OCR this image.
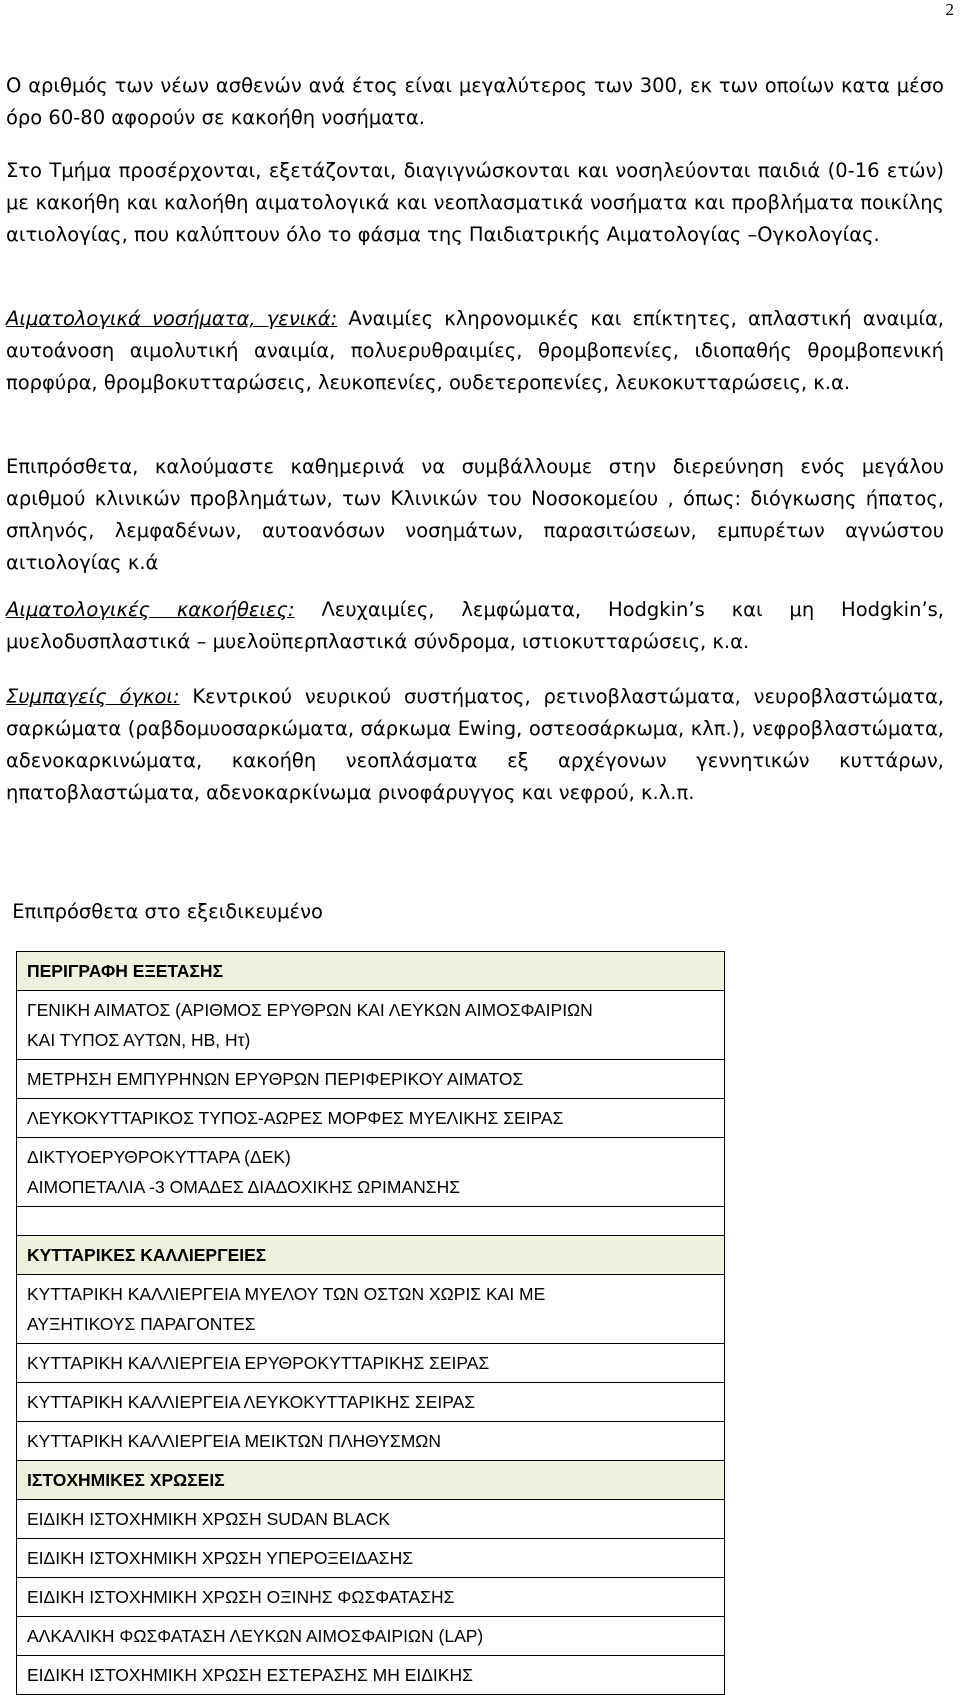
2

Ο αριθμός των νέων ασθενών ανά έτος είναι μεγαλύτερος των 300, εκ των οποίων κατα μέσο όρο 60-80 αφορούν σε κακοήθη νοσήματα.

Στο Τμήμα προσέρχονται, εξετάζονται, διαγιγνώσκονται και νοσηλεύονται παιδιά (0-16 ετών) με κακοήθη και καλοήθη αιματολογικά και νεοπλασματικά νοσήματα και προβλήματα ποικίλης αιτιολογίας, που καλύπτουν όλο το φάσμα της Παιδιατρικής Αιματολογίας –Ογκολογίας.

Αιματολογικά νοσήματα, γενικά: Αναιμίες κληρονομικές και επίκτητες, απλαστική αναιμία, αυτοάνοση αιμολυτική αναιμία, πολυερυθραιμίες, θρομβοπενίες, ιδιοπαθής θρομβοπενική πορφύρα, θρομβοκυτταρώσεις, λευκοπενίες, ουδετεροπενίες, λευκοκυτταρώσεις, κ.α.

Επιπρόσθετα, καλούμαστε καθημερινά να συμβάλλουμε στην διερεύνηση ενός μεγάλου αριθμού κλινικών προβλημάτων, των Κλινικών του Νοσοκομείου , όπως: διόγκωσης ήπατος, σπληνός, λεμφαδένων, αυτοανόσων νοσημάτων, παρασιτώσεων, εμπυρέτων αγνώστου αιτιολογίας κ.ά

Αιματολογικές κακοήθειες: Λευχαιμίες, λεμφώματα, Hodgkin’s και μη Hodgkin’s, μυελοδυσπλαστικά – μυελοϋπερπλαστικά σύνδρομα, ιστιοκυτταρώσεις, κ.α.

Συμπαγείς όγκοι: Κεντρικού νευρικού συστήματος, ρετινοβλαστώματα, νευροβλαστώματα, σαρκώματα (ραβδομυοσαρκώματα, σάρκωμα Ewing, οστεοσάρκωμα, κλπ.), νεφροβλαστώματα, αδενοκαρκινώματα, κακοήθη νεοπλάσματα εξ αρχέγονων γεννητικών κυττάρων, ηπατοβλαστώματα, αδενοκαρκίνωμα ρινοφάρυγγος και νεφρού, κ.λ.π.

Επιπρόσθετα στο εξειδικευμένο

ΠΕΡΙΓΡΑΦΗ ΕΞΕΤΑΣΗΣ

ΓΕΝΙΚΗ ΑΙΜΑΤΟΣ (ΑΡΙΘΜΟΣ ΕΡΥΘΡΩΝ ΚΑΙ ΛΕΥΚΩΝ ΑΙΜΟΣΦΑΙΡΙΩΝ
ΚΑΙ ΤΥΠΟΣ ΑΥΤΩΝ, ΗΒ, Ητ)

ΜΕΤΡΗΣΗ ΕΜΠΥΡΗΝΩΝ ΕΡΥΘΡΩΝ ΠΕΡΙΦΕΡΙΚΟΥ ΑΙΜΑΤΟΣ
ΛΕΥΚΟΚΥΤΤΑΡΙΚΟΣ ΤΥΠΟΣ-ΑΩΡΕΣ ΜΟΡΦΕΣ ΜΥΕΛΙΚΗΣ ΣΕΙΡΑΣ

ΔΙΚΤΥΟΕΡΥΘΡΟΚΥΤΤΑΡΑ (ΔΕΚ)
ΑΙΜΟΠΕΤΑΛΙΑ -3 ΟΜΑΔΕΣ ΔΙΑΔΟΧΙΚΗΣ ΩΡΙΜΑΝΣΗΣ

ΚΥΤΤΑΡΙΚΕΣ ΚΑΛΛΙΕΡΓΕΙΕΣ

ΚΥΤΤΑΡΙΚΗ ΚΑΛΛΙΕΡΓΕΙΑ ΜΥΕΛΟΥ ΤΩΝ ΟΣΤΩΝ ΧΩΡΙΣ ΚΑΙ ΜΕ
ΑΥΞΗΤΙΚΟΥΣ ΠΑΡΑΓΟΝΤΕΣ

ΚΥΤΤΑΡΙΚΗ ΚΑΛΛΙΕΡΓΕΙΑ ΕΡΥΘΡΟΚΥΤΤΑΡΙΚΗΣ ΣΕΙΡΑΣ
ΚΥΤΤΑΡΙΚΗ ΚΑΛΛΙΕΡΓΕΙΑ ΛΕΥΚΟΚΥΤΤΑΡΙΚΗΣ ΣΕΙΡΑΣ
ΚΥΤΤΑΡΙΚΗ ΚΑΛΛΙΕΡΓΕΙΑ ΜΕΙΚΤΩΝ ΠΛΗΘΥΣΜΩΝ
ΙΣΤΟΧΗΜΙΚΕΣ ΧΡΩΣΕΙΣ
ΕΙΔΙΚΗ ΙΣΤΟΧΗΜΙΚΗ ΧΡΩΣΗ SUDAN BLACK
ΕΙΔΙΚΗ ΙΣΤΟΧΗΜΙΚΗ ΧΡΩΣΗ ΥΠΕΡΟΞΕΙΔΑΣΗΣ
ΕΙΔΙΚΗ ΙΣΤΟΧΗΜΙΚΗ ΧΡΩΣΗ ΟΞΙΝΗΣ ΦΩΣΦΑΤΑΣΗΣ
ΑΛΚΑΛΙΚΗ ΦΩΣΦΑΤΑΣΗ ΛΕΥΚΩΝ ΑΙΜΟΣΦΑΙΡΙΩΝ (LAP)
ΕΙΔΙΚΗ ΙΣΤΟΧΗΜΙΚΗ ΧΡΩΣΗ ΕΣΤΕΡΑΣΗΣ ΜΗ ΕΙΔΙΚΗΣ
